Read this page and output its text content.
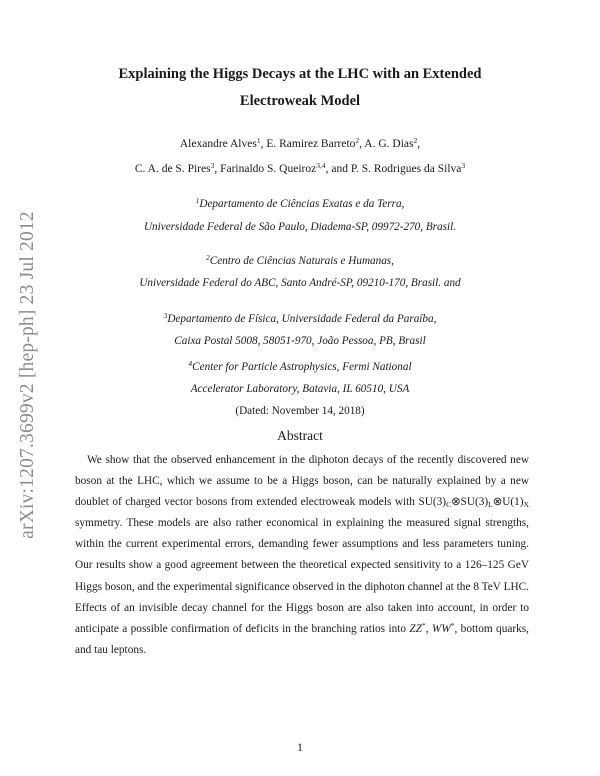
arXiv:1207.3699v2 [hep-ph] 23 Jul 2012
Explaining the Higgs Decays at the LHC with an Extended
Electroweak Model
Alexandre Alves$^1$, E. Ramirez Barreto$^2$, A. G. Dias$^2$,
C. A. de S. Pires$^3$, Farinaldo S. Queiroz$^{3,4}$, and P. S. Rodrigues da Silva$^3$
$^1$Departamento de Ciências Exatas e da Terra,
Universidade Federal de São Paulo, Diadema-SP, 09972-270, Brasil.
$^2$Centro de Ciências Naturais e Humanas,
Universidade Federal do ABC, Santo André-SP, 09210-170, Brasil. and
$^3$Departamento de Física, Universidade Federal da Paraíba,
Caixa Postal 5008, 58051-970, João Pessoa, PB, Brasil
$^4$Center for Particle Astrophysics, Fermi National
Accelerator Laboratory, Batavia, IL 60510, USA
(Dated: November 14, 2018)
Abstract
We show that the observed enhancement in the diphoton decays of the recently discovered new boson at the LHC, which we assume to be a Higgs boson, can be naturally explained by a new doublet of charged vector bosons from extended electroweak models with $SU(3)_C\otimes SU(3)_L\otimes U(1)_X$ symmetry. These models are also rather economical in explaining the measured signal strengths, within the current experimental errors, demanding fewer assumptions and less parameters tuning. Our results show a good agreement between the theoretical expected sensitivity to a 126–125 GeV Higgs boson, and the experimental significance observed in the diphoton channel at the 8 TeV LHC. Effects of an invisible decay channel for the Higgs boson are also taken into account, in order to anticipate a possible confirmation of deficits in the branching ratios into ZZ*, WW*, bottom quarks, and tau leptons.
1
